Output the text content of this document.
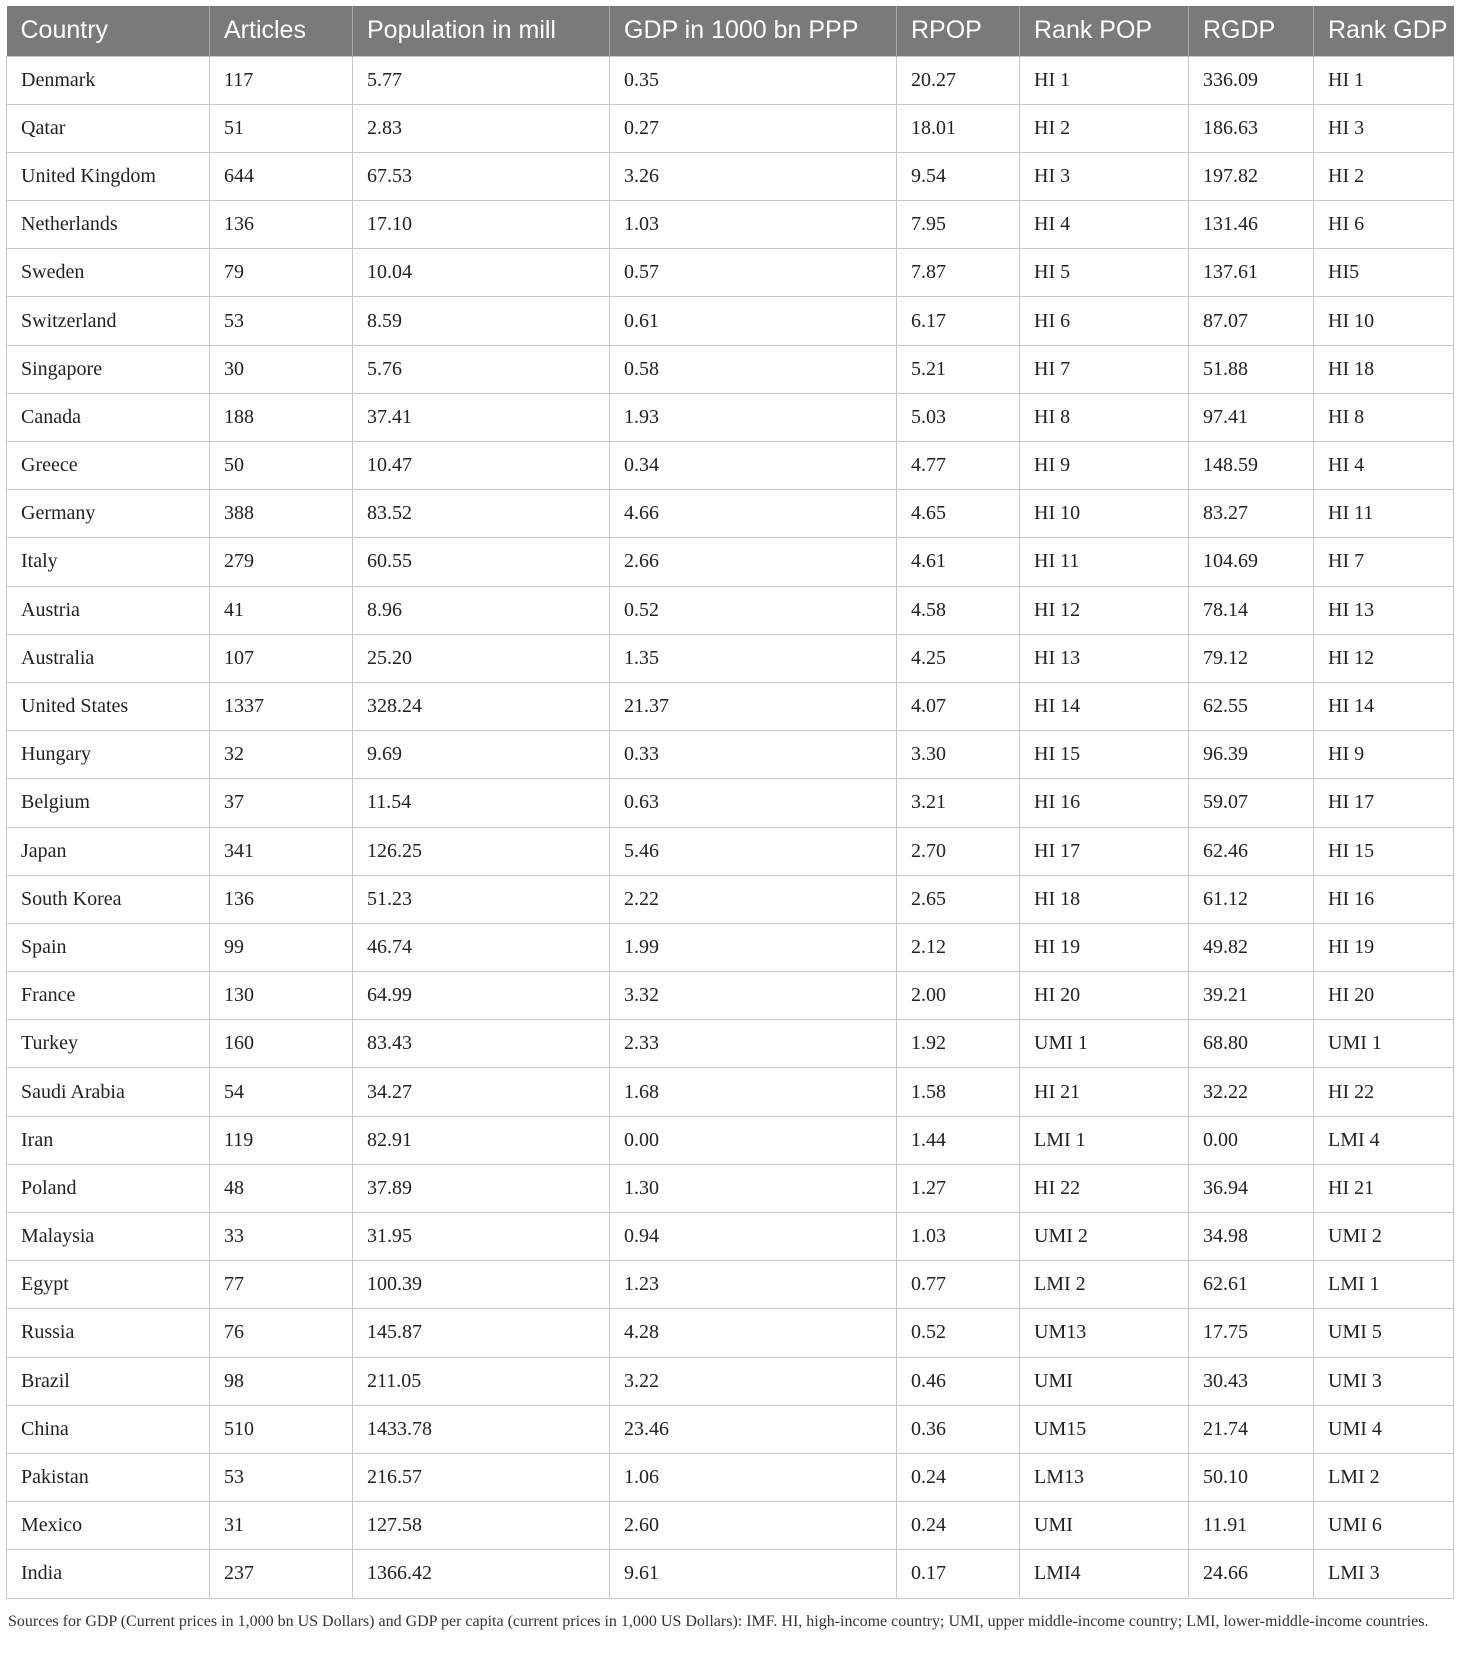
Country	Articles	Population in mill	GDP in 1000 bn PPP	RPOP	Rank POP	RGDP	Rank GDP
Denmark	117	5.77	0.35	20.27	HI 1	336.09	HI 1
Qatar	51	2.83	0.27	18.01	HI 2	186.63	HI 3
United Kingdom	644	67.53	3.26	9.54	HI 3	197.82	HI 2
Netherlands	136	17.10	1.03	7.95	HI 4	131.46	HI 6
Sweden	79	10.04	0.57	7.87	HI 5	137.61	HI5
Switzerland	53	8.59	0.61	6.17	HI 6	87.07	HI 10
Singapore	30	5.76	0.58	5.21	HI 7	51.88	HI 18
Canada	188	37.41	1.93	5.03	HI 8	97.41	HI 8
Greece	50	10.47	0.34	4.77	HI 9	148.59	HI 4
Germany	388	83.52	4.66	4.65	HI 10	83.27	HI 11
Italy	279	60.55	2.66	4.61	HI 11	104.69	HI 7
Austria	41	8.96	0.52	4.58	HI 12	78.14	HI 13
Australia	107	25.20	1.35	4.25	HI 13	79.12	HI 12
United States	1337	328.24	21.37	4.07	HI 14	62.55	HI 14
Hungary	32	9.69	0.33	3.30	HI 15	96.39	HI 9
Belgium	37	11.54	0.63	3.21	HI 16	59.07	HI 17
Japan	341	126.25	5.46	2.70	HI 17	62.46	HI 15
South Korea	136	51.23	2.22	2.65	HI 18	61.12	HI 16
Spain	99	46.74	1.99	2.12	HI 19	49.82	HI 19
France	130	64.99	3.32	2.00	HI 20	39.21	HI 20
Turkey	160	83.43	2.33	1.92	UMI 1	68.80	UMI 1
Saudi Arabia	54	34.27	1.68	1.58	HI 21	32.22	HI 22
Iran	119	82.91	0.00	1.44	LMI 1	0.00	LMI 4
Poland	48	37.89	1.30	1.27	HI 22	36.94	HI 21
Malaysia	33	31.95	0.94	1.03	UMI 2	34.98	UMI 2
Egypt	77	100.39	1.23	0.77	LMI 2	62.61	LMI 1
Russia	76	145.87	4.28	0.52	UM13	17.75	UMI 5
Brazil	98	211.05	3.22	0.46	UMI	30.43	UMI 3
China	510	1433.78	23.46	0.36	UM15	21.74	UMI 4
Pakistan	53	216.57	1.06	0.24	LM13	50.10	LMI 2
Mexico	31	127.58	2.60	0.24	UMI	11.91	UMI 6
India	237	1366.42	9.61	0.17	LMI4	24.66	LMI 3
Sources for GDP (Current prices in 1,000 bn US Dollars) and GDP per capita (current prices in 1,000 US Dollars): IMF. HI, high-income country; UMI, upper middle-income country; LMI, lower-middle-income countries.
